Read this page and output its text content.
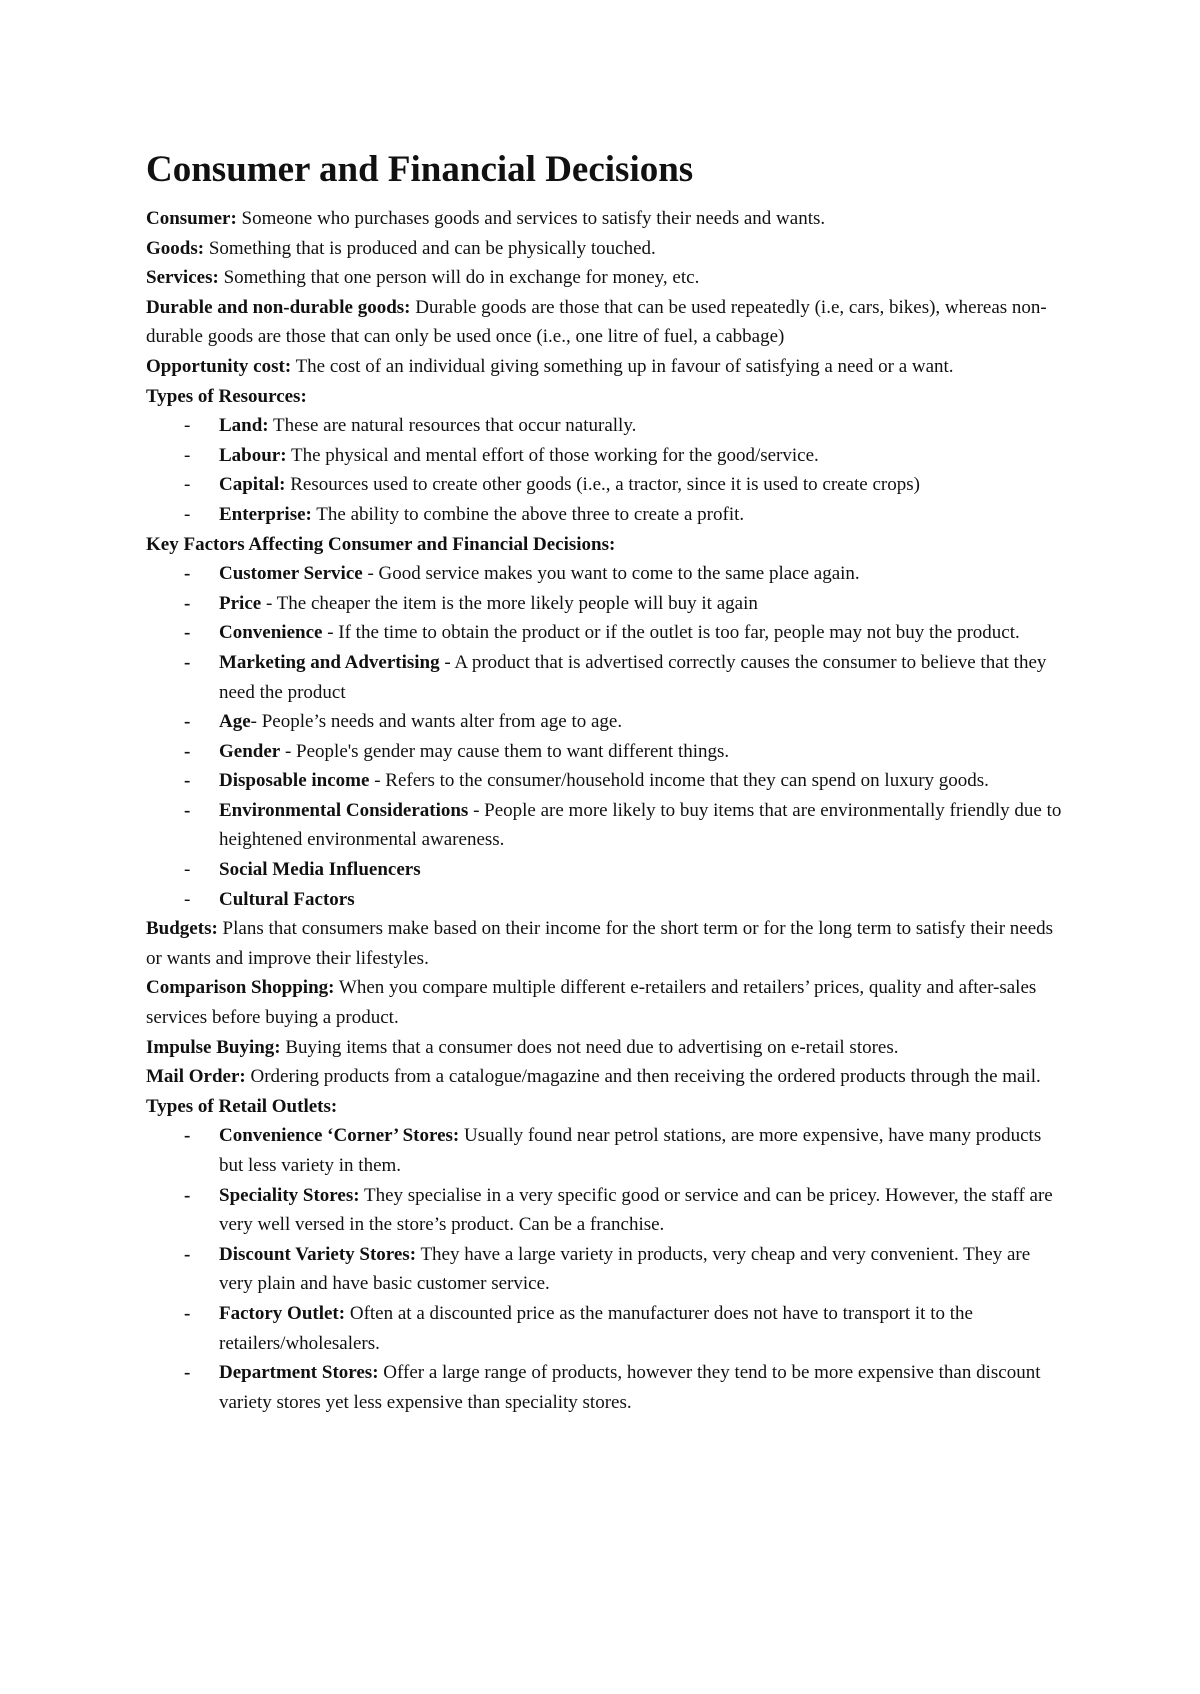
Consumer and Financial Decisions
Consumer: Someone who purchases goods and services to satisfy their needs and wants.
Goods: Something that is produced and can be physically touched.
Services: Something that one person will do in exchange for money, etc.
Durable and non-durable goods: Durable goods are those that can be used repeatedly (i.e, cars, bikes), whereas non-durable goods are those that can only be used once (i.e., one litre of fuel, a cabbage)
Opportunity cost: The cost of an individual giving something up in favour of satisfying a need or a want.
Types of Resources:
- Land: These are natural resources that occur naturally.
- Labour: The physical and mental effort of those working for the good/service.
- Capital: Resources used to create other goods (i.e., a tractor, since it is used to create crops)
- Enterprise: The ability to combine the above three to create a profit.
Key Factors Affecting Consumer and Financial Decisions:
- Customer Service - Good service makes you want to come to the same place again.
- Price - The cheaper the item is the more likely people will buy it again
- Convenience - If the time to obtain the product or if the outlet is too far, people may not buy the product.
- Marketing and Advertising - A product that is advertised correctly causes the consumer to believe that they need the product
- Age- People’s needs and wants alter from age to age.
- Gender - People's gender may cause them to want different things.
- Disposable income - Refers to the consumer/household income that they can spend on luxury goods.
- Environmental Considerations - People are more likely to buy items that are environmentally friendly due to heightened environmental awareness.
- Social Media Influencers
- Cultural Factors
Budgets: Plans that consumers make based on their income for the short term or for the long term to satisfy their needs or wants and improve their lifestyles.
Comparison Shopping: When you compare multiple different e-retailers and retailers’ prices, quality and after-sales services before buying a product.
Impulse Buying: Buying items that a consumer does not need due to advertising on e-retail stores.
Mail Order: Ordering products from a catalogue/magazine and then receiving the ordered products through the mail.
Types of Retail Outlets:
- Convenience ‘Corner’ Stores: Usually found near petrol stations, are more expensive, have many products but less variety in them.
- Speciality Stores: They specialise in a very specific good or service and can be pricey. However, the staff are very well versed in the store’s product. Can be a franchise.
- Discount Variety Stores: They have a large variety in products, very cheap and very convenient. They are very plain and have basic customer service.
- Factory Outlet: Often at a discounted price as the manufacturer does not have to transport it to the retailers/wholesalers.
- Department Stores: Offer a large range of products, however they tend to be more expensive than discount variety stores yet less expensive than speciality stores.
